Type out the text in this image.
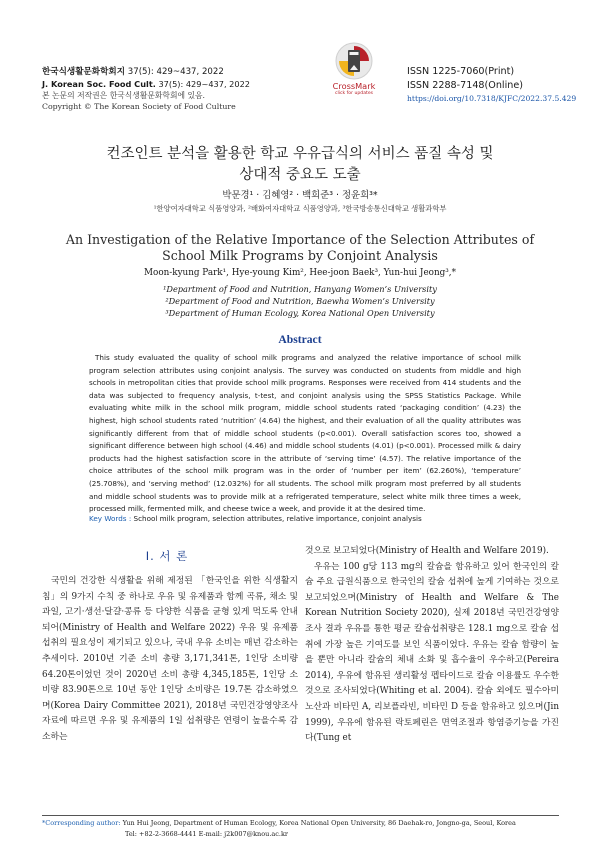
한국식생활문화학회지 37(5): 429~437, 2022
J. Korean Soc. Food Cult. 37(5): 429~437, 2022
본 논문의 저작권은 한국식생활문화학회에 있음.
Copyright © The Korean Society of Food Culture
CrossMark
click for updates
ISSN 1225-7060(Print)
ISSN 2288-7148(Online)
https://doi.org/10.7318/KJFC/2022.37.5.429
컨조인트 분석을 활용한 학교 우유급식의 서비스 품질 속성 및
상대적 중요도 도출
박문경¹ · 김혜영² · 백희준³ · 정윤희³*
¹한양여자대학교 식품영양과, ²배화여자대학교 식품영양과, ³한국방송통신대학교 생활과학부
An Investigation of the Relative Importance of the Selection Attributes of
School Milk Programs by Conjoint Analysis
Moon-kyung Park¹, Hye-young Kim², Hee-joon Baek³, Yun-hui Jeong³,*
¹Department of Food and Nutrition, Hanyang Women’s University
²Department of Food and Nutrition, Baewha Women’s University
³Department of Human Ecology, Korea National Open University
Abstract
This study evaluated the quality of school milk programs and analyzed the relative importance of school milk program selection attributes using conjoint analysis. The survey was conducted on students from middle and high schools in metropolitan cities that provide school milk programs. Responses were received from 414 students and the data was subjected to frequency analysis, t-test, and conjoint analysis using the SPSS Statistics Package. While evaluating white milk in the school milk program, middle school students rated ‘packaging condition’ (4.23) the highest, high school students rated ‘nutrition’ (4.64) the highest, and their evaluation of all the quality attributes was significantly different from that of middle school students (p<0.001). Overall satisfaction scores too, showed a significant difference between high school (4.46) and middle school students (4.01) (p<0.001). Processed milk & dairy products had the highest satisfaction score in the attribute of ‘serving time’ (4.57). The relative importance of the choice attributes of the school milk program was in the order of ‘number per item’ (62.260%), ‘temperature’ (25.708%), and ‘serving method’ (12.032%) for all students. The school milk program most preferred by all students and middle school students was to provide milk at a refrigerated temperature, select white milk three times a week, processed milk, fermented milk, and cheese twice a week, and provide it at the desired time.
Key Words : School milk program, selection attributes, relative importance, conjoint analysis
Ⅰ. 서 론
국민의 건강한 식생활을 위해 제정된 「한국인을 위한 식생활지침」의 9가지 수칙 중 하나로 우유 및 유제품과 함께 곡류, 채소 및 과일, 고기·생선·달걀·콩류 등 다양한 식품을 균형 있게 먹도록 안내되어(Ministry of Health and Welfare 2022) 우유 및 유제품 섭취의 필요성이 제기되고 있으나, 국내 우유 소비는 매년 감소하는 추세이다. 2010년 기준 소비 총량 3,171,341톤, 1인당 소비량 64.20톤이었던 것이 2020년 소비 총량 4,345,185톤, 1인당 소비량 83.90톤으로 10년 동안 1인당 소비량은 19.7톤 감소하였으며(Korea Dairy Committee 2021), 2018년 국민건강영양조사 자료에 따르면 우유 및 유제품의 1일 섭취량은 연령이 높을수록 감소하는
것으로 보고되었다(Ministry of Health and Welfare 2019).
우유는 100 g당 113 mg의 칼슘을 함유하고 있어 한국인의 칼슘 주요 급원식품으로 한국인의 칼슘 섭취에 높게 기여하는 것으로 보고되었으며(Ministry of Health and Welfare & The Korean Nutrition Society 2020), 실제 2018년 국민건강영양조사 결과 우유를 통한 평균 칼슘섭취량은 128.1 mg으로 칼슘 섭취에 가장 높은 기여도를 보인 식품이었다. 우유는 칼슘 함량이 높을 뿐만 아니라 칼슘의 체내 소화 및 흡수율이 우수하고(Pereira 2014), 우유에 함유된 생리활성 펩타이드로 칼슘 이용률도 우수한 것으로 조사되었다(Whiting et al. 2004). 칼슘 외에도 필수아미노산과 비타민 A, 리보플라빈, 비타민 D 등을 함유하고 있으며(Jin 1999), 우유에 함유된 락토페린은 면역조절과 항염증기능을 가진다(Tung et
*Corresponding author: Yun Hui Jeong, Department of Human Ecology, Korea National Open University, 86 Daehak-ro, Jongno-ga, Seoul, Korea
Tel: +82-2-3668-4441 E-mail: j2k007@knou.ac.kr
